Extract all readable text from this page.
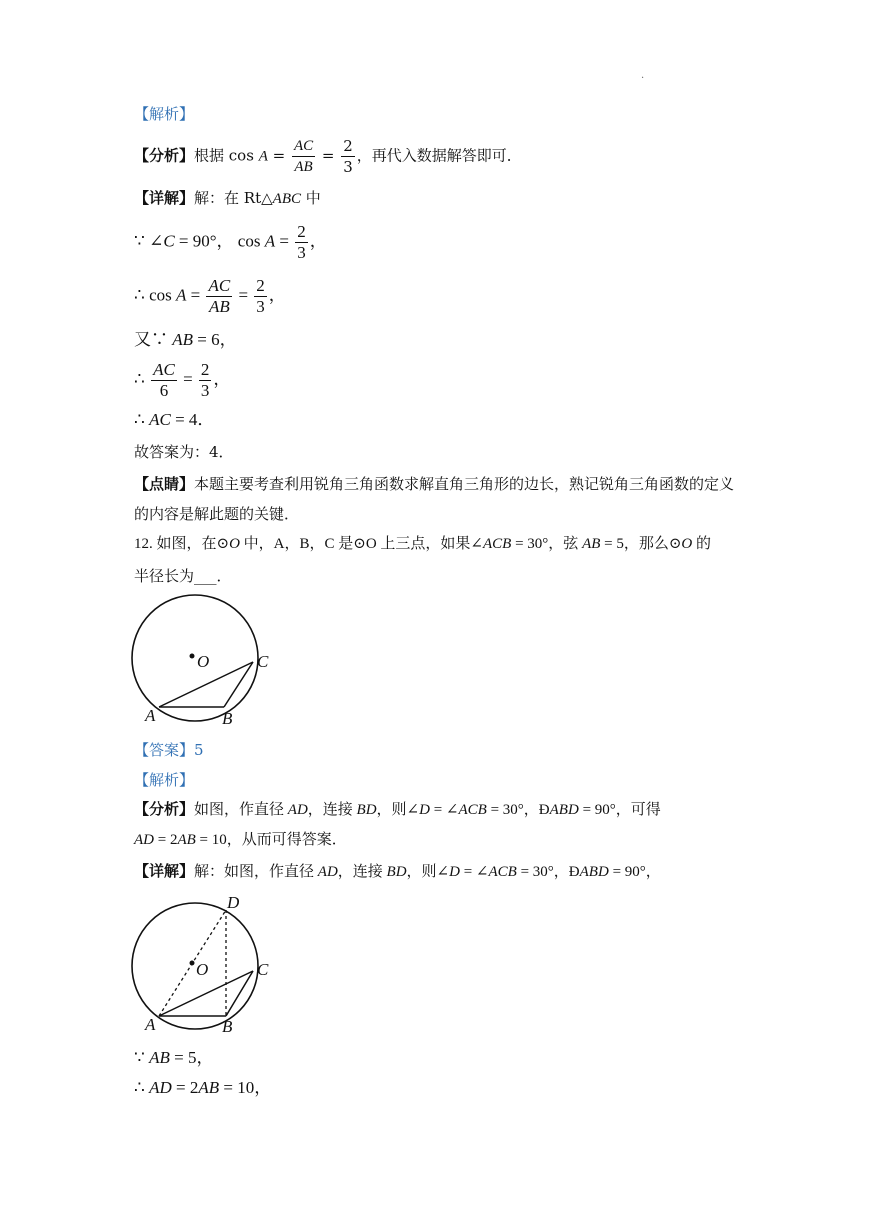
.
【解析】
【分析】根据 $\cos A = \frac{AC}{AB} = \frac{2}{3}$ ，再代入数据解答即可．
【详解】解：在 Rt△ABC 中
∵ ∠C = 90°， $\cos A = \frac{2}{3}$ ，
∴ $\cos A = \frac{AC}{AB} = \frac{2}{3}$ ，
又∵ AB = 6，
∴ $\frac{AC}{6} = \frac{2}{3}$ ，
∴ AC = 4．
故答案为：4．
【点睛】本题主要考查利用锐角三角函数求解直角三角形的边长，熟记锐角三角函数的定义
的内容是解此题的关键．
12. 如图，在⊙O 中，A，B，C 是⊙O 上三点，如果∠ACB = 30°，弦 AB = 5，那么⊙O 的
半径长为___．
O	C
A	B
【答案】5
【解析】
【分析】如图，作直径 AD，连接 BD，则∠D = ∠ACB = 30°，ÐABD = 90°，可得
AD = 2AB = 10，从而可得答案．
【详解】解：如图，作直径 AD，连接 BD，则∠D = ∠ACB = 30°，ÐABD = 90°，
D
O	C
A	B
∵ AB = 5，
∴ AD = 2AB = 10，
